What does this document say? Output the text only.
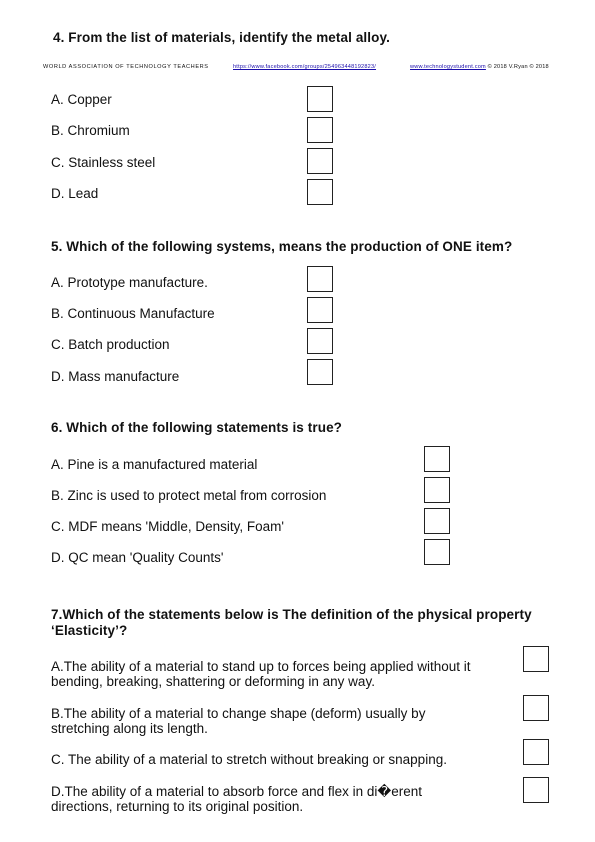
4. From the list of materials, identify the metal alloy.
WORLD ASSOCIATION OF TECHNOLOGY TEACHERS	https://www.facebook.com/groups/254963448192823/	www.technologystudent.com © 2018 V.Ryan © 2018
A. Copper
B. Chromium
C. Stainless steel
D. Lead
5. Which of the following systems, means the production of ONE item?
A. Prototype manufacture.
B. Continuous Manufacture
C. Batch production
D. Mass manufacture
6. Which of the following statements is true?
A. Pine is a manufactured material
B. Zinc is used to protect metal from corrosion
C. MDF means 'Middle, Density, Foam'
D. QC mean 'Quality Counts'
7.Which of the statements below is The definition of the physical property
‘Elasticity’?
A.The ability of a material to stand up to forces being applied without it
bending, breaking, shattering or deforming in any way.
B.The ability of a material to change shape (deform) usually by
stretching along its length.
C. The ability of a material to stretch without breaking or snapping.
D.The ability of a material to absorb force and flex in di�erent
directions, returning to its original position.
